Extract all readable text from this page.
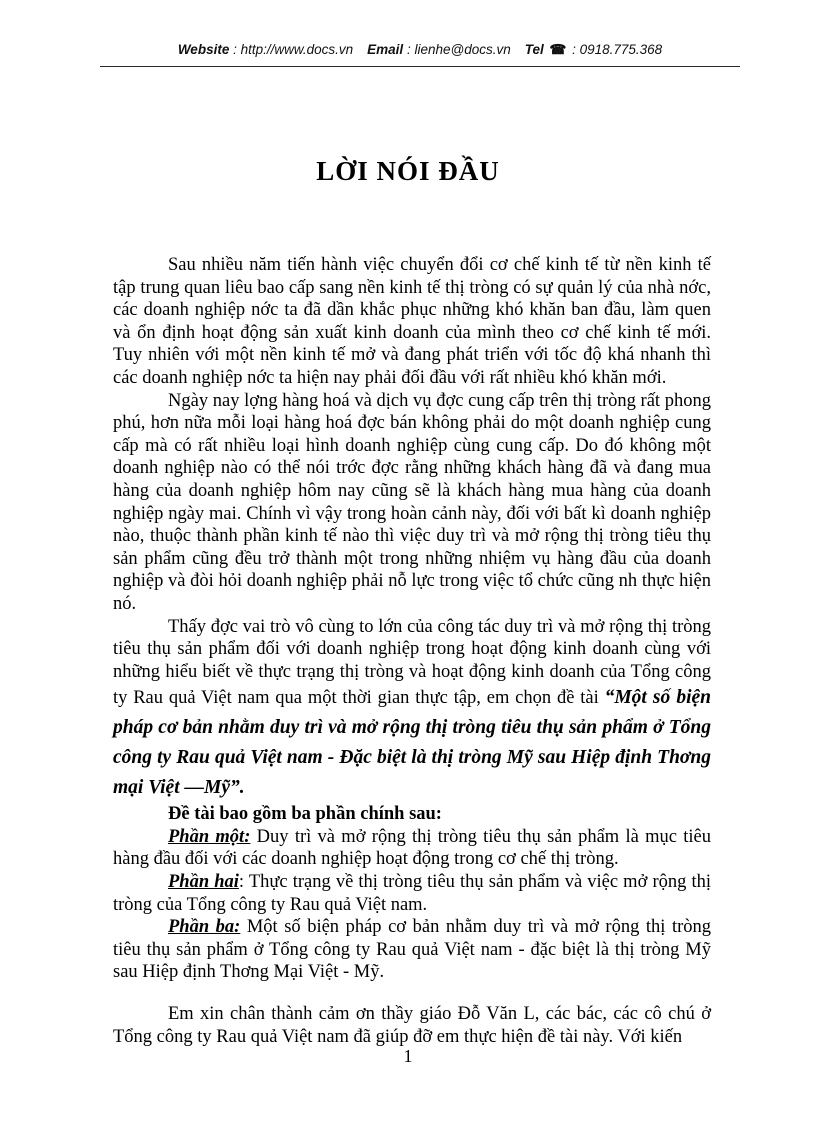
Website : http://www.docs.vn Email : lienhe@docs.vn Tel ☎ : 0918.775.368
LỜI NÓI ĐẦU

Sau nhiều năm tiến hành việc chuyển đổi cơ chế kinh tế từ nền kinh tế tập trung quan liêu bao cấp sang nền kinh tế thị tròng có sự quản lý của nhà nớc, các doanh nghiệp nớc ta đã dần khắc phục những khó khăn ban đầu, làm quen và ổn định hoạt động sản xuất kinh doanh của mình theo cơ chế kinh tế mới. Tuy nhiên với một nền kinh tế mở và đang phát triển với tốc độ khá nhanh thì các doanh nghiệp nớc ta hiện nay phải đối đầu với rất nhiều khó khăn mới.

Ngày nay lợng hàng hoá và dịch vụ đợc cung cấp trên thị tròng rất phong phú, hơn nữa mỗi loại hàng hoá đợc bán không phải do một doanh nghiệp cung cấp mà có rất nhiều loại hình doanh nghiệp cùng cung cấp. Do đó không một doanh nghiệp nào có thể nói trớc đợc rằng những khách hàng đã và đang mua hàng của doanh nghiệp hôm nay cũng sẽ là khách hàng mua hàng của doanh nghiệp ngày mai. Chính vì vậy trong hoàn cảnh này, đối với bất kì doanh nghiệp nào, thuộc thành phần kinh tế nào thì việc duy trì và mở rộng thị tròng tiêu thụ sản phẩm cũng đều trở thành một trong những nhiệm vụ hàng đầu của doanh nghiệp và đòi hỏi doanh nghiệp phải nỗ lực trong việc tổ chức cũng nh thực hiện nó.

Thấy đợc vai trò vô cùng to lớn của công tác duy trì và mở rộng thị tròng tiêu thụ sản phẩm đối với doanh nghiệp trong hoạt động kinh doanh cùng với những hiểu biết về thực trạng thị tròng và hoạt động kinh doanh của Tổng công ty Rau quả Việt nam qua một thời gian thực tập, em chọn đề tài “Một số biện pháp cơ bản nhằm duy trì và mở rộng thị tròng tiêu thụ sản phẩm ở Tổng công ty Rau quả Việt nam - Đặc biệt là thị tròng Mỹ sau Hiệp định Thơng mại Việt —Mỹ”.

Đề tài bao gồm ba phần chính sau:

Phần một: Duy trì và mở rộng thị tròng tiêu thụ sản phẩm là mục tiêu hàng đầu đối với các doanh nghiệp hoạt động trong cơ chế thị tròng.

Phần hai: Thực trạng về thị tròng tiêu thụ sản phẩm và việc mở rộng thị tròng của Tổng công ty Rau quả Việt nam.

Phần ba: Một số biện pháp cơ bản nhằm duy trì và mở rộng thị tròng tiêu thụ sản phẩm ở Tổng công ty Rau quả Việt nam - đặc biệt là thị tròng Mỹ sau Hiệp định Thơng Mại Việt - Mỹ.

Em xin chân thành cảm ơn thầy giáo Đỗ Văn L, các bác, các cô chú ở Tổng công ty Rau quả Việt nam đã giúp đỡ em thực hiện đề tài này. Với kiến

1
